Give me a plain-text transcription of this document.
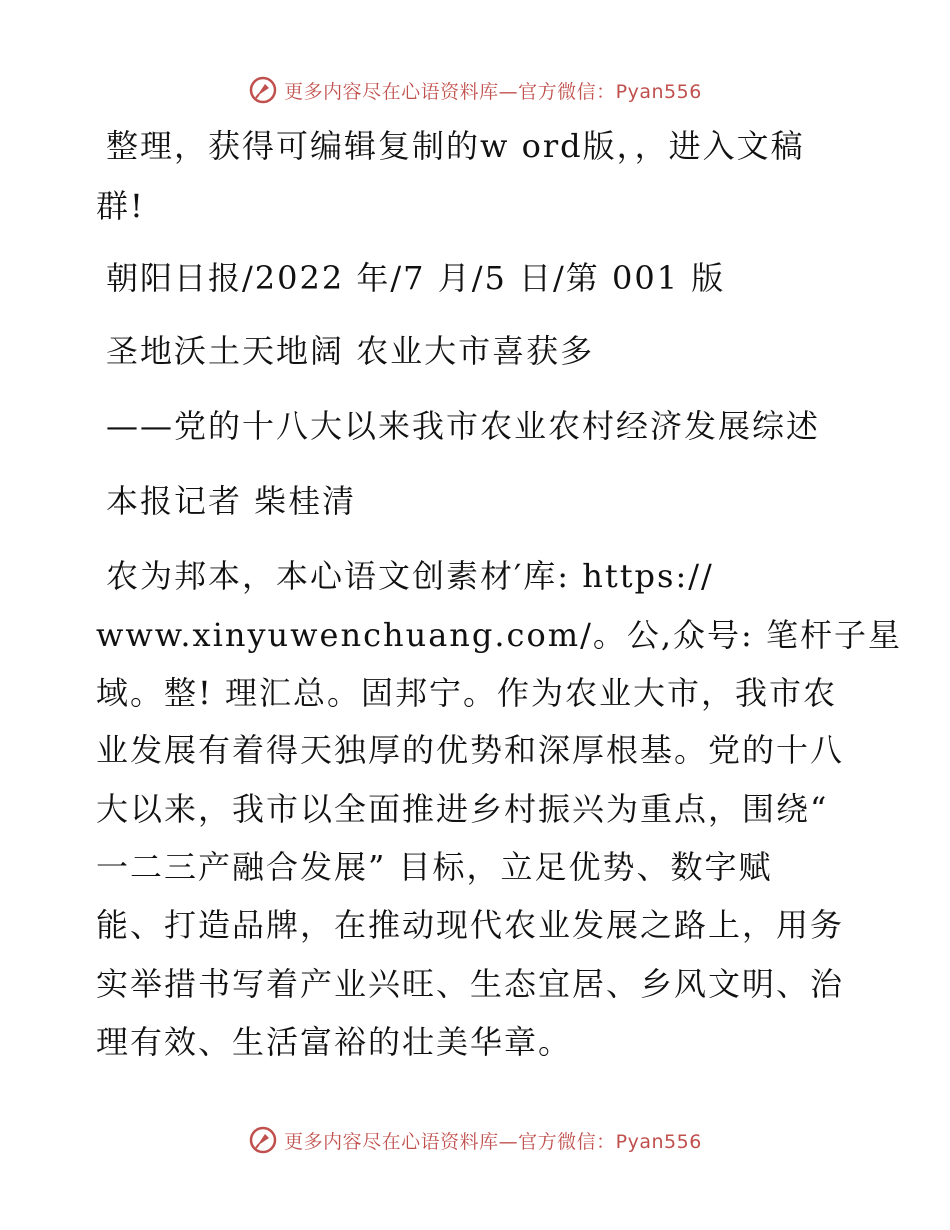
更多内容尽在心语资料库—官方微信：Pyan556
整理，获得可编辑复制的w ord版，，进入文稿
群!
朝阳日报/2022 年/7 月/5 日/第 001 版
圣地沃土天地阔 农业大市喜获多
——党的十八大以来我市农业农村经济发展综述
本报记者 柴桂清
农为邦本，本心语文创素材′库: https://
www.xinyuwenchuang.com/。公,众号: 笔杆子星
域。整! 理汇总。固邦宁。作为农业大市，我市农
业发展有着得天独厚的优势和深厚根基。党的十八
大以来，我市以全面推进乡村振兴为重点，围绕“
一二三产融合发展” 目标，立足优势、数字赋
能、打造品牌，在推动现代农业发展之路上，用务
实举措书写着产业兴旺、生态宜居、乡风文明、治
理有效、生活富裕的壮美华章。
更多内容尽在心语资料库—官方微信：Pyan556
